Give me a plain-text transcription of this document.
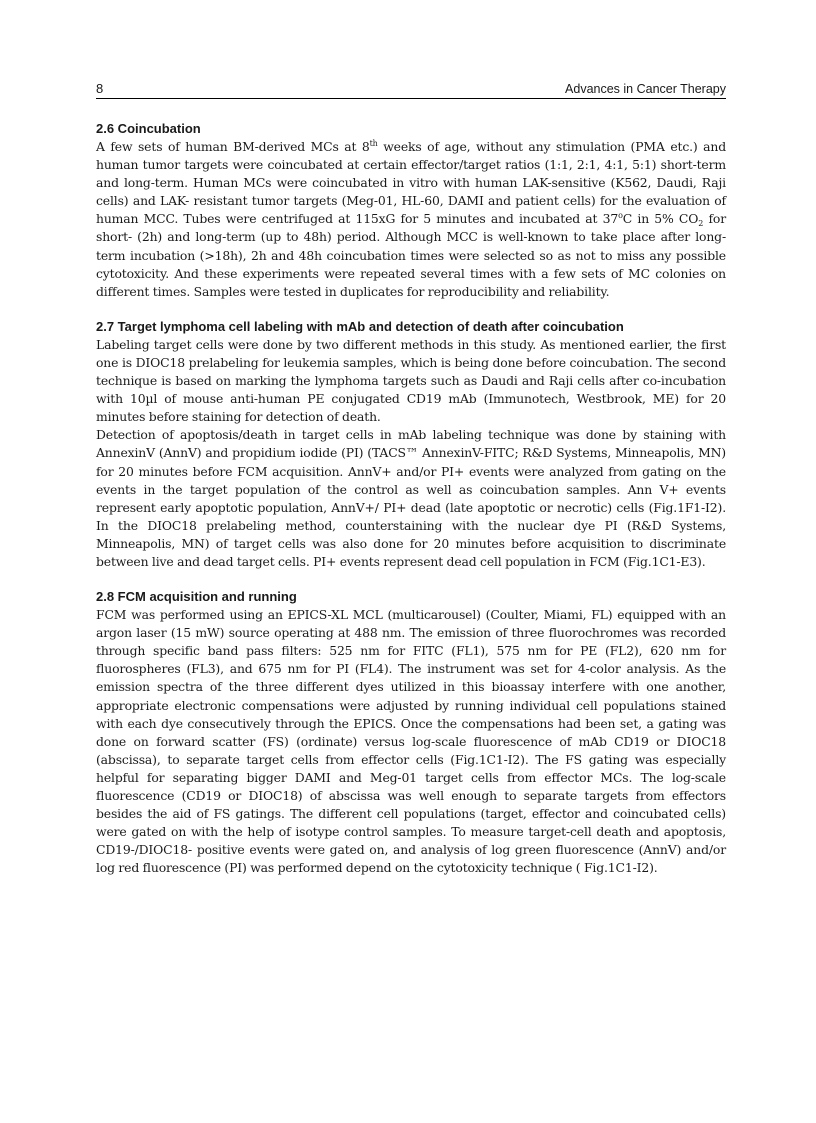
8	Advances in Cancer Therapy
2.6 Coincubation

A few sets of human BM-derived MCs at 8th weeks of age, without any stimulation (PMA etc.) and human tumor targets were coincubated at certain effector/target ratios (1:1, 2:1, 4:1, 5:1) short-term and long-term. Human MCs were coincubated in vitro with human LAK-sensitive (K562, Daudi, Raji cells) and LAK- resistant tumor targets (Meg-01, HL-60, DAMI and patient cells) for the evaluation of human MCC. Tubes were centrifuged at 115xG for 5 minutes and incubated at 37$^o$C in 5% $CO_2$ for short- (2h) and long-term (up to 48h) period. Although MCC is well-known to take place after long-term incubation (>18h), 2h and 48h coincubation times were selected so as not to miss any possible cytotoxicity. And these experiments were repeated several times with a few sets of MC colonies on different times. Samples were tested in duplicates for reproducibility and reliability.

2.7 Target lymphoma cell labeling with mAb and detection of death after coincubation

Labeling target cells were done by two different methods in this study. As mentioned earlier, the first one is DIOC18 prelabeling for leukemia samples, which is being done before coincubation. The second technique is based on marking the lymphoma targets such as Daudi and Raji cells after co-incubation with 10µl of mouse anti-human PE conjugated CD19 mAb (Immunotech, Westbrook, ME) for 20 minutes before staining for detection of death.

Detection of apoptosis/death in target cells in mAb labeling technique was done by staining with AnnexinV (AnnV) and propidium iodide (PI) (TACS™ AnnexinV-FITC; R&D Systems, Minneapolis, MN) for 20 minutes before FCM acquisition. AnnV+ and/or PI+ events were analyzed from gating on the events in the target population of the control as well as coincubation samples. Ann V+ events represent early apoptotic population, AnnV+/ PI+ dead (late apoptotic or necrotic) cells (Fig.1F1-I2). In the DIOC18 prelabeling method, counterstaining with the nuclear dye PI (R&D Systems, Minneapolis, MN) of target cells was also done for 20 minutes before acquisition to discriminate between live and dead target cells. PI+ events represent dead cell population in FCM (Fig.1C1-E3).

2.8 FCM acquisition and running

FCM was performed using an EPICS-XL MCL (multicarousel) (Coulter, Miami, FL) equipped with an argon laser (15 mW) source operating at 488 nm. The emission of three fluorochromes was recorded through specific band pass filters: 525 nm for FITC (FL1), 575 nm for PE (FL2), 620 nm for fluorospheres (FL3), and 675 nm for PI (FL4). The instrument was set for 4-color analysis. As the emission spectra of the three different dyes utilized in this bioassay interfere with one another, appropriate electronic compensations were adjusted by running individual cell populations stained with each dye consecutively through the EPICS. Once the compensations had been set, a gating was done on forward scatter (FS) (ordinate) versus log-scale fluorescence of mAb CD19 or DIOC18 (abscissa), to separate target cells from effector cells (Fig.1C1-I2). The FS gating was especially helpful for separating bigger DAMI and Meg-01 target cells from effector MCs. The log-scale fluorescence (CD19 or DIOC18) of abscissa was well enough to separate targets from effectors besides the aid of FS gatings. The different cell populations (target, effector and coincubated cells) were gated on with the help of isotype control samples. To measure target-cell death and apoptosis, CD19-/DIOC18- positive events were gated on, and analysis of log green fluorescence (AnnV) and/or log red fluorescence (PI) was performed depend on the cytotoxicity technique ( Fig.1C1-I2).
